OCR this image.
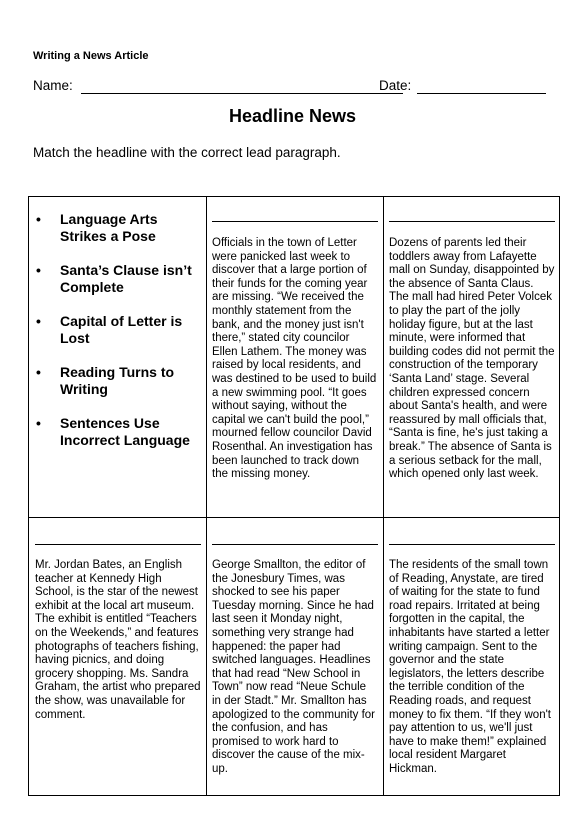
Writing a News Article
Name:	Date:
Headline News
Match the headline with the correct lead paragraph.
• Language Arts Strikes a Pose
• Santa’s Clause isn’t Complete
• Capital of Letter is Lost
• Reading Turns to Writing
• Sentences Use Incorrect Language
Officials in the town of Letter were panicked last week to discover that a large portion of their funds for the coming year are missing. “We received the monthly statement from the bank, and the money just isn't there,” stated city councilor Ellen Lathem. The money was raised by local residents, and was destined to be used to build a new swimming pool. “It goes without saying, without the capital we can't build the pool,” mourned fellow councilor David Rosenthal. An investigation has been launched to track down the missing money.
Dozens of parents led their toddlers away from Lafayette mall on Sunday, disappointed by the absence of Santa Claus. The mall had hired Peter Volcek to play the part of the jolly holiday figure, but at the last minute, were informed that building codes did not permit the construction of the temporary ‘Santa Land’ stage. Several children expressed concern about Santa's health, and were reassured by mall officials that, “Santa is fine, he's just taking a break.” The absence of Santa is a serious setback for the mall, which opened only last week.
Mr. Jordan Bates, an English teacher at Kennedy High School, is the star of the newest exhibit at the local art museum. The exhibit is entitled “Teachers on the Weekends,” and features photographs of teachers fishing, having picnics, and doing grocery shopping. Ms. Sandra Graham, the artist who prepared the show, was unavailable for comment.
George Smallton, the editor of the Jonesbury Times, was shocked to see his paper Tuesday morning. Since he had last seen it Monday night, something very strange had happened: the paper had switched languages. Headlines that had read “New School in Town” now read “Neue Schule in der Stadt.” Mr. Smallton has apologized to the community for the confusion, and has promised to work hard to discover the cause of the mix-up.
The residents of the small town of Reading, Anystate, are tired of waiting for the state to fund road repairs. Irritated at being forgotten in the capital, the inhabitants have started a letter writing campaign. Sent to the governor and the state legislators, the letters describe the terrible condition of the Reading roads, and request money to fix them. “If they won't pay attention to us, we'll just have to make them!” explained local resident Margaret Hickman.
